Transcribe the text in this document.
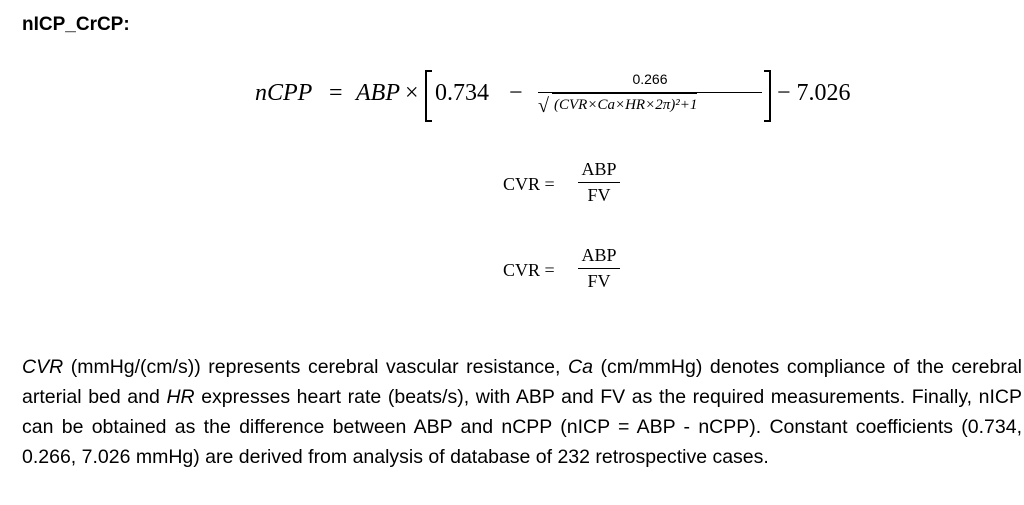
nICP_CrCP:
nCPP = ABP × 0.734 −
0.266
√ (CVR×Ca×HR×2π)²+1	− 7.026
CVR =
ABP
FV
CVR =
ABP
FV
CVR (mmHg/(cm/s)) represents cerebral vascular resistance, Ca (cm/mmHg) denotes compliance of the cerebral arterial bed and HR expresses heart rate (beats/s), with ABP and FV as the required measurements. Finally, nICP can be obtained as the difference between ABP and nCPP (nICP = ABP - nCPP). Constant coefficients (0.734, 0.266, 7.026 mmHg) are derived from analysis of database of 232 retrospective cases.
